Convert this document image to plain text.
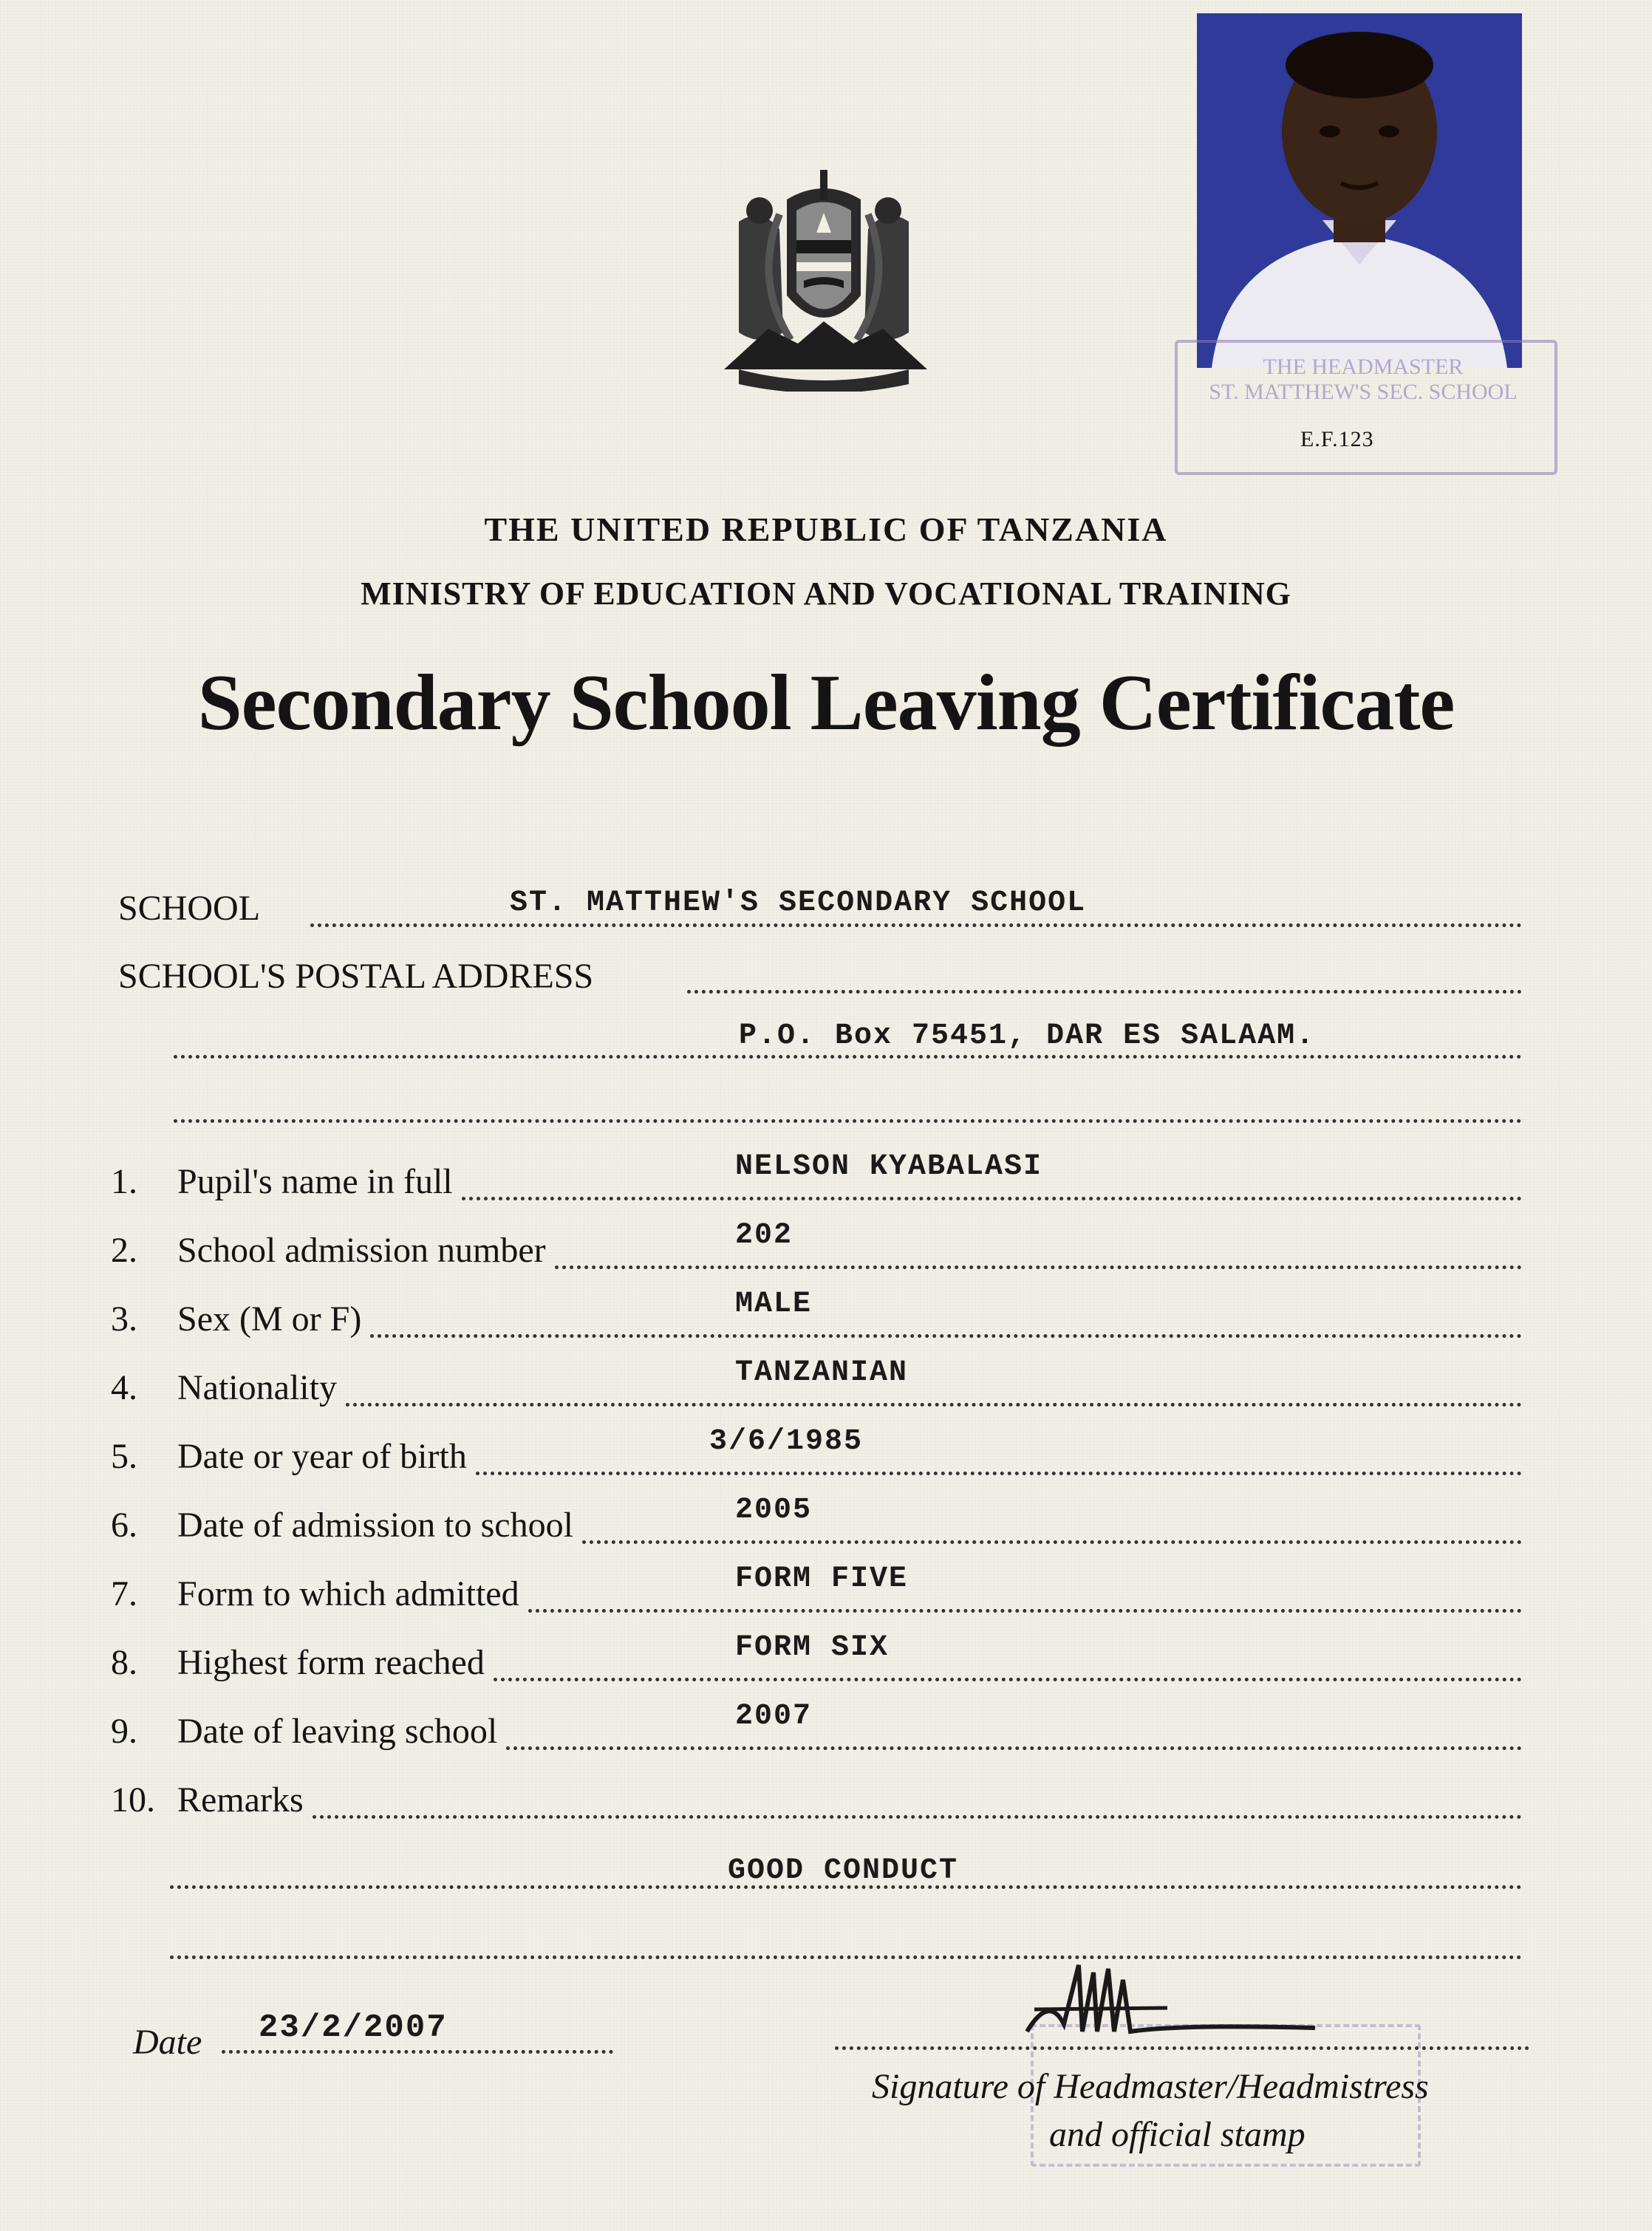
THE HEADMASTER
ST. MATTHEW'S SEC. SCHOOL
E.F.123
THE UNITED REPUBLIC OF TANZANIA
MINISTRY OF EDUCATION AND VOCATIONAL TRAINING
Secondary School Leaving Certificate
SCHOOL	ST. MATTHEW'S SECONDARY SCHOOL
SCHOOL'S POSTAL ADDRESS
P.O. Box 75451, DAR ES SALAAM.
1. Pupil's name in full	NELSON KYABALASI
2. School admission number	202
3. Sex (M or F)	MALE
4. Nationality	TANZANIAN
5. Date or year of birth	3/6/1985
6. Date of admission to school	2005
7. Form to which admitted	FORM FIVE
8. Highest form reached	FORM SIX
9. Date of leaving school	2007
10. Remarks
GOOD CONDUCT
Date 23/2/2007
Signature of Headmaster/Headmistress
and official stamp
